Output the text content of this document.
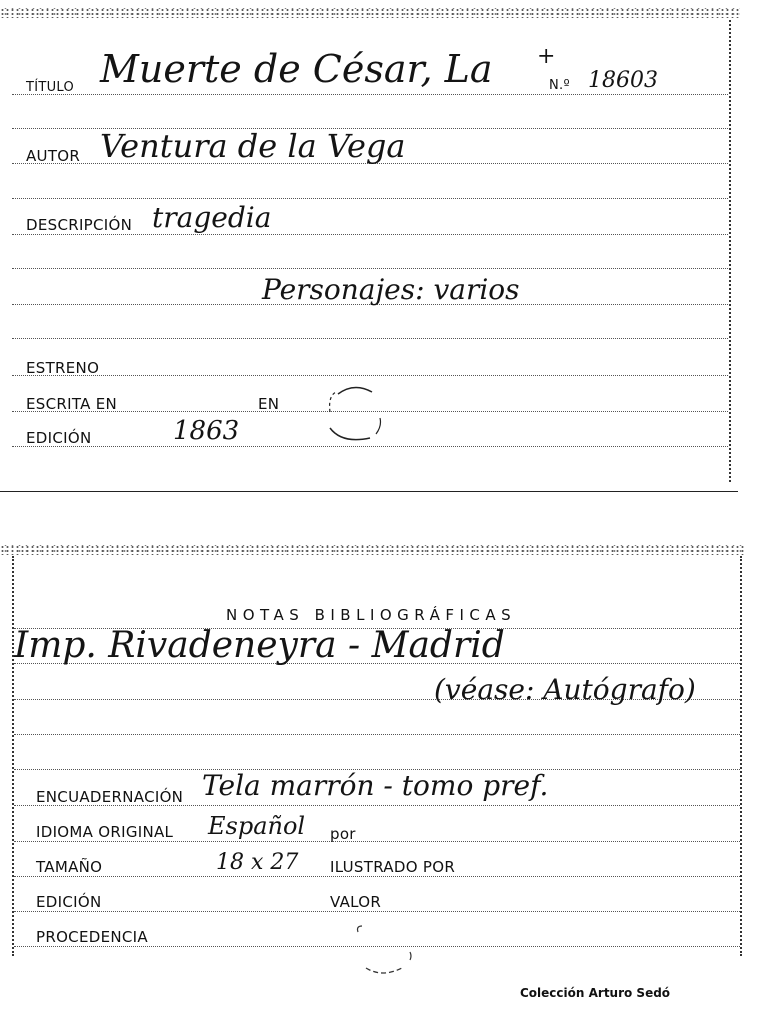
TÍTULO Muerte de César, La +
N.º 18603
AUTOR Ventura de la Vega
DESCRIPCIÓN tragedia
Personajes: varios
ESTRENO
ESCRITA EN	EN
EDICIÓN	1863
NOTAS BIBLIOGRÁFICAS
Imp. Rivadeneyra - Madrid
(véase: Autógrafo)
ENCUADERNACIÓN Tela marrón - tomo pref.
IDIOMA ORIGINAL Español por
TAMAÑO	18 x 27 ILUSTRADO POR
EDICIÓN	VALOR
PROCEDENCIA
Colección Arturo Sedó
